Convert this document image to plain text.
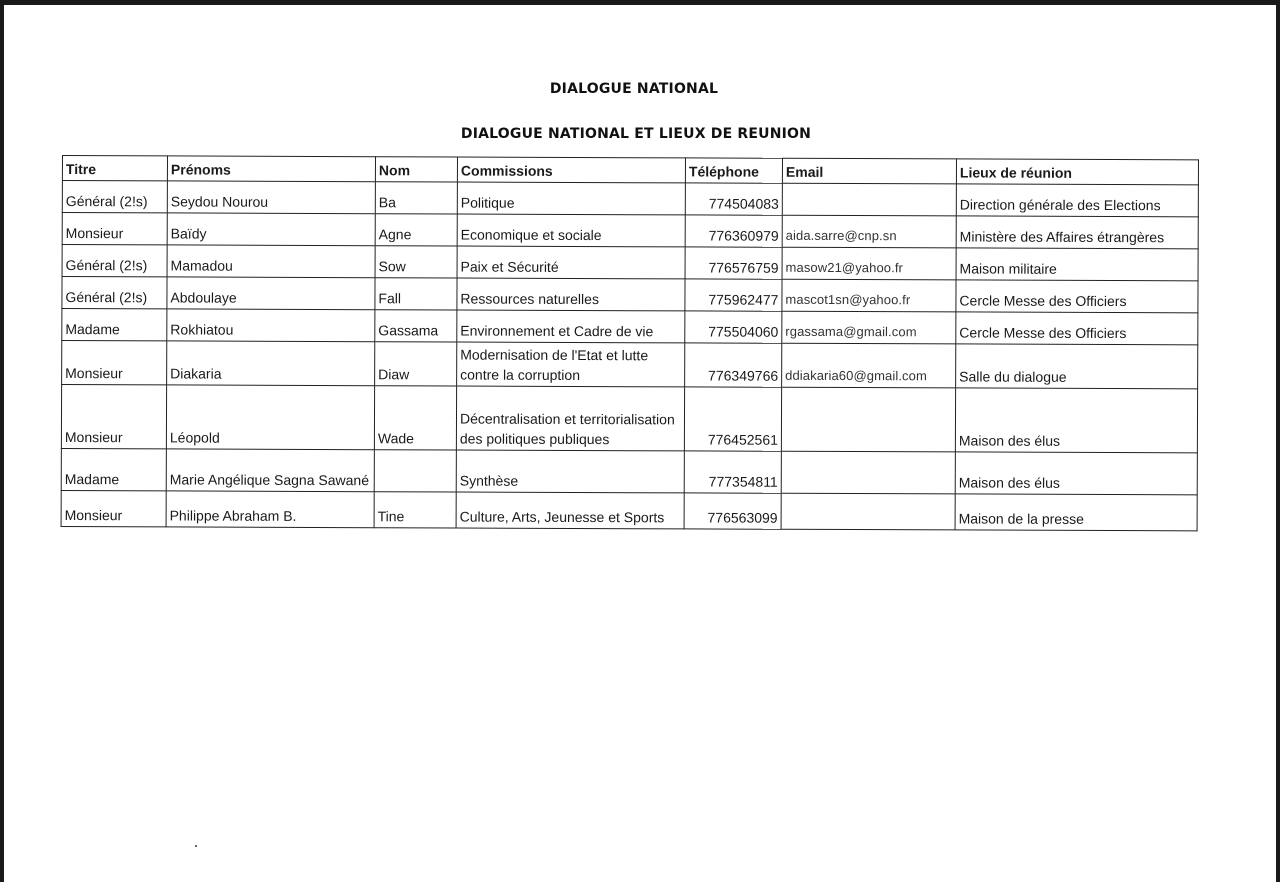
DIALOGUE NATIONAL
DIALOGUE NATIONAL ET LIEUX DE REUNION
Titre	Prénoms	Nom	Commissions	Téléphone	Email	Lieux de réunion
Général (2!s)	Seydou Nourou	Ba	Politique	774504083		Direction générale des Elections
Monsieur	Baïdy	Agne	Economique et sociale	776360979	aida.sarre@cnp.sn	Ministère des Affaires étrangères
Général (2!s)	Mamadou	Sow	Paix et Sécurité	776576759	masow21@yahoo.fr	Maison militaire
Général (2!s)	Abdoulaye	Fall	Ressources naturelles	775962477	mascot1sn@yahoo.fr	Cercle Messe des Officiers
Madame	Rokhiatou	Gassama	Environnement et Cadre de vie	775504060	rgassama@gmail.com	Cercle Messe des Officiers
Monsieur	Diakaria	Diaw	Modernisation de l'Etat et lutte contre la corruption	776349766	ddiakaria60@gmail.com	Salle du dialogue
Monsieur	Léopold	Wade	Décentralisation et territorialisation des politiques publiques	776452561		Maison des élus
Madame	Marie Angélique Sagna Sawané		Synthèse	777354811		Maison des élus
Monsieur	Philippe Abraham B.	Tine	Culture, Arts, Jeunesse et Sports	776563099		Maison de la presse
